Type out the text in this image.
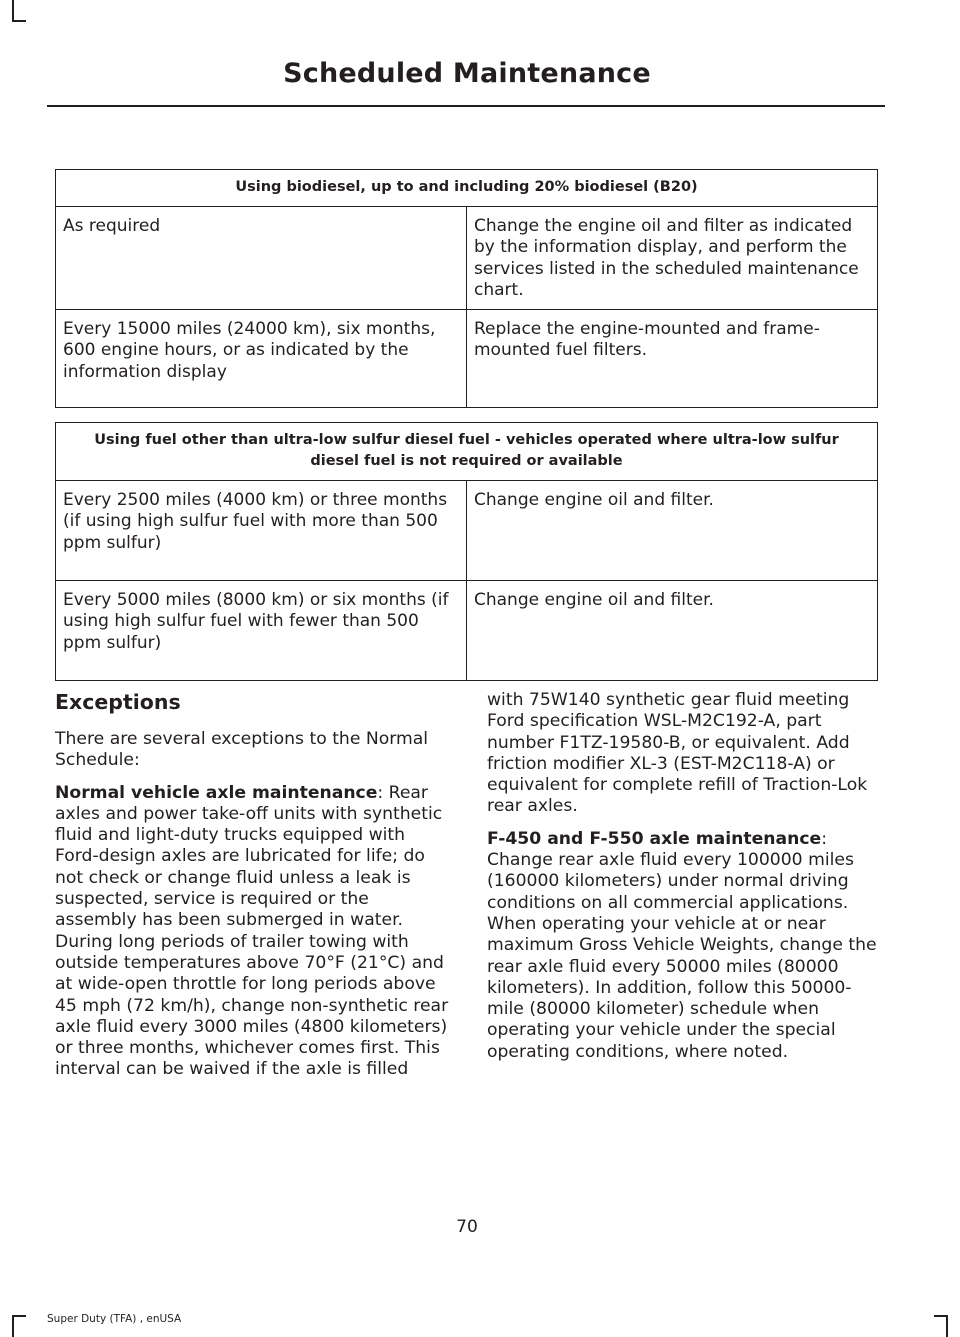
Scheduled Maintenance
Using biodiesel, up to and including 20% biodiesel (B20)	
As required	Change the engine oil and filter as indicated by the information display, and perform the services listed in the scheduled maintenance chart.
Every 15000 miles (24000 km), six months, 600 engine hours, or as indicated by the information display	Replace the engine-mounted and frame-mounted fuel filters.
Using fuel other than ultra-low sulfur diesel fuel - vehicles operated where ultra-low sulfur diesel fuel is not required or available	
Every 2500 miles (4000 km) or three months (if using high sulfur fuel with more than 500 ppm sulfur)	Change engine oil and filter.
Every 5000 miles (8000 km) or six months (if using high sulfur fuel with fewer than 500 ppm sulfur)	Change engine oil and filter.
Exceptions

There are several exceptions to the Normal Schedule:

Normal vehicle axle maintenance: Rear axles and power take-off units with synthetic fluid and light-duty trucks equipped with Ford-design axles are lubricated for life; do not check or change fluid unless a leak is suspected, service is required or the assembly has been submerged in water. During long periods of trailer towing with outside temperatures above 70°F (21°C) and at wide-open throttle for long periods above 45 mph (72 km/h), change non-synthetic rear axle fluid every 3000 miles (4800 kilometers) or three months, whichever comes first. This interval can be waived if the axle is filled

with 75W140 synthetic gear fluid meeting Ford specification WSL-M2C192-A, part number F1TZ-19580-B, or equivalent. Add friction modifier XL-3 (EST-M2C118-A) or equivalent for complete refill of Traction-Lok rear axles.

F-450 and F-550 axle maintenance: Change rear axle fluid every 100000 miles (160000 kilometers) under normal driving conditions on all commercial applications. When operating your vehicle at or near maximum Gross Vehicle Weights, change the rear axle fluid every 50000 miles (80000 kilometers). In addition, follow this 50000-mile (80000 kilometer) schedule when operating your vehicle under the special operating conditions, where noted.

70
Super Duty (TFA) , enUSA
